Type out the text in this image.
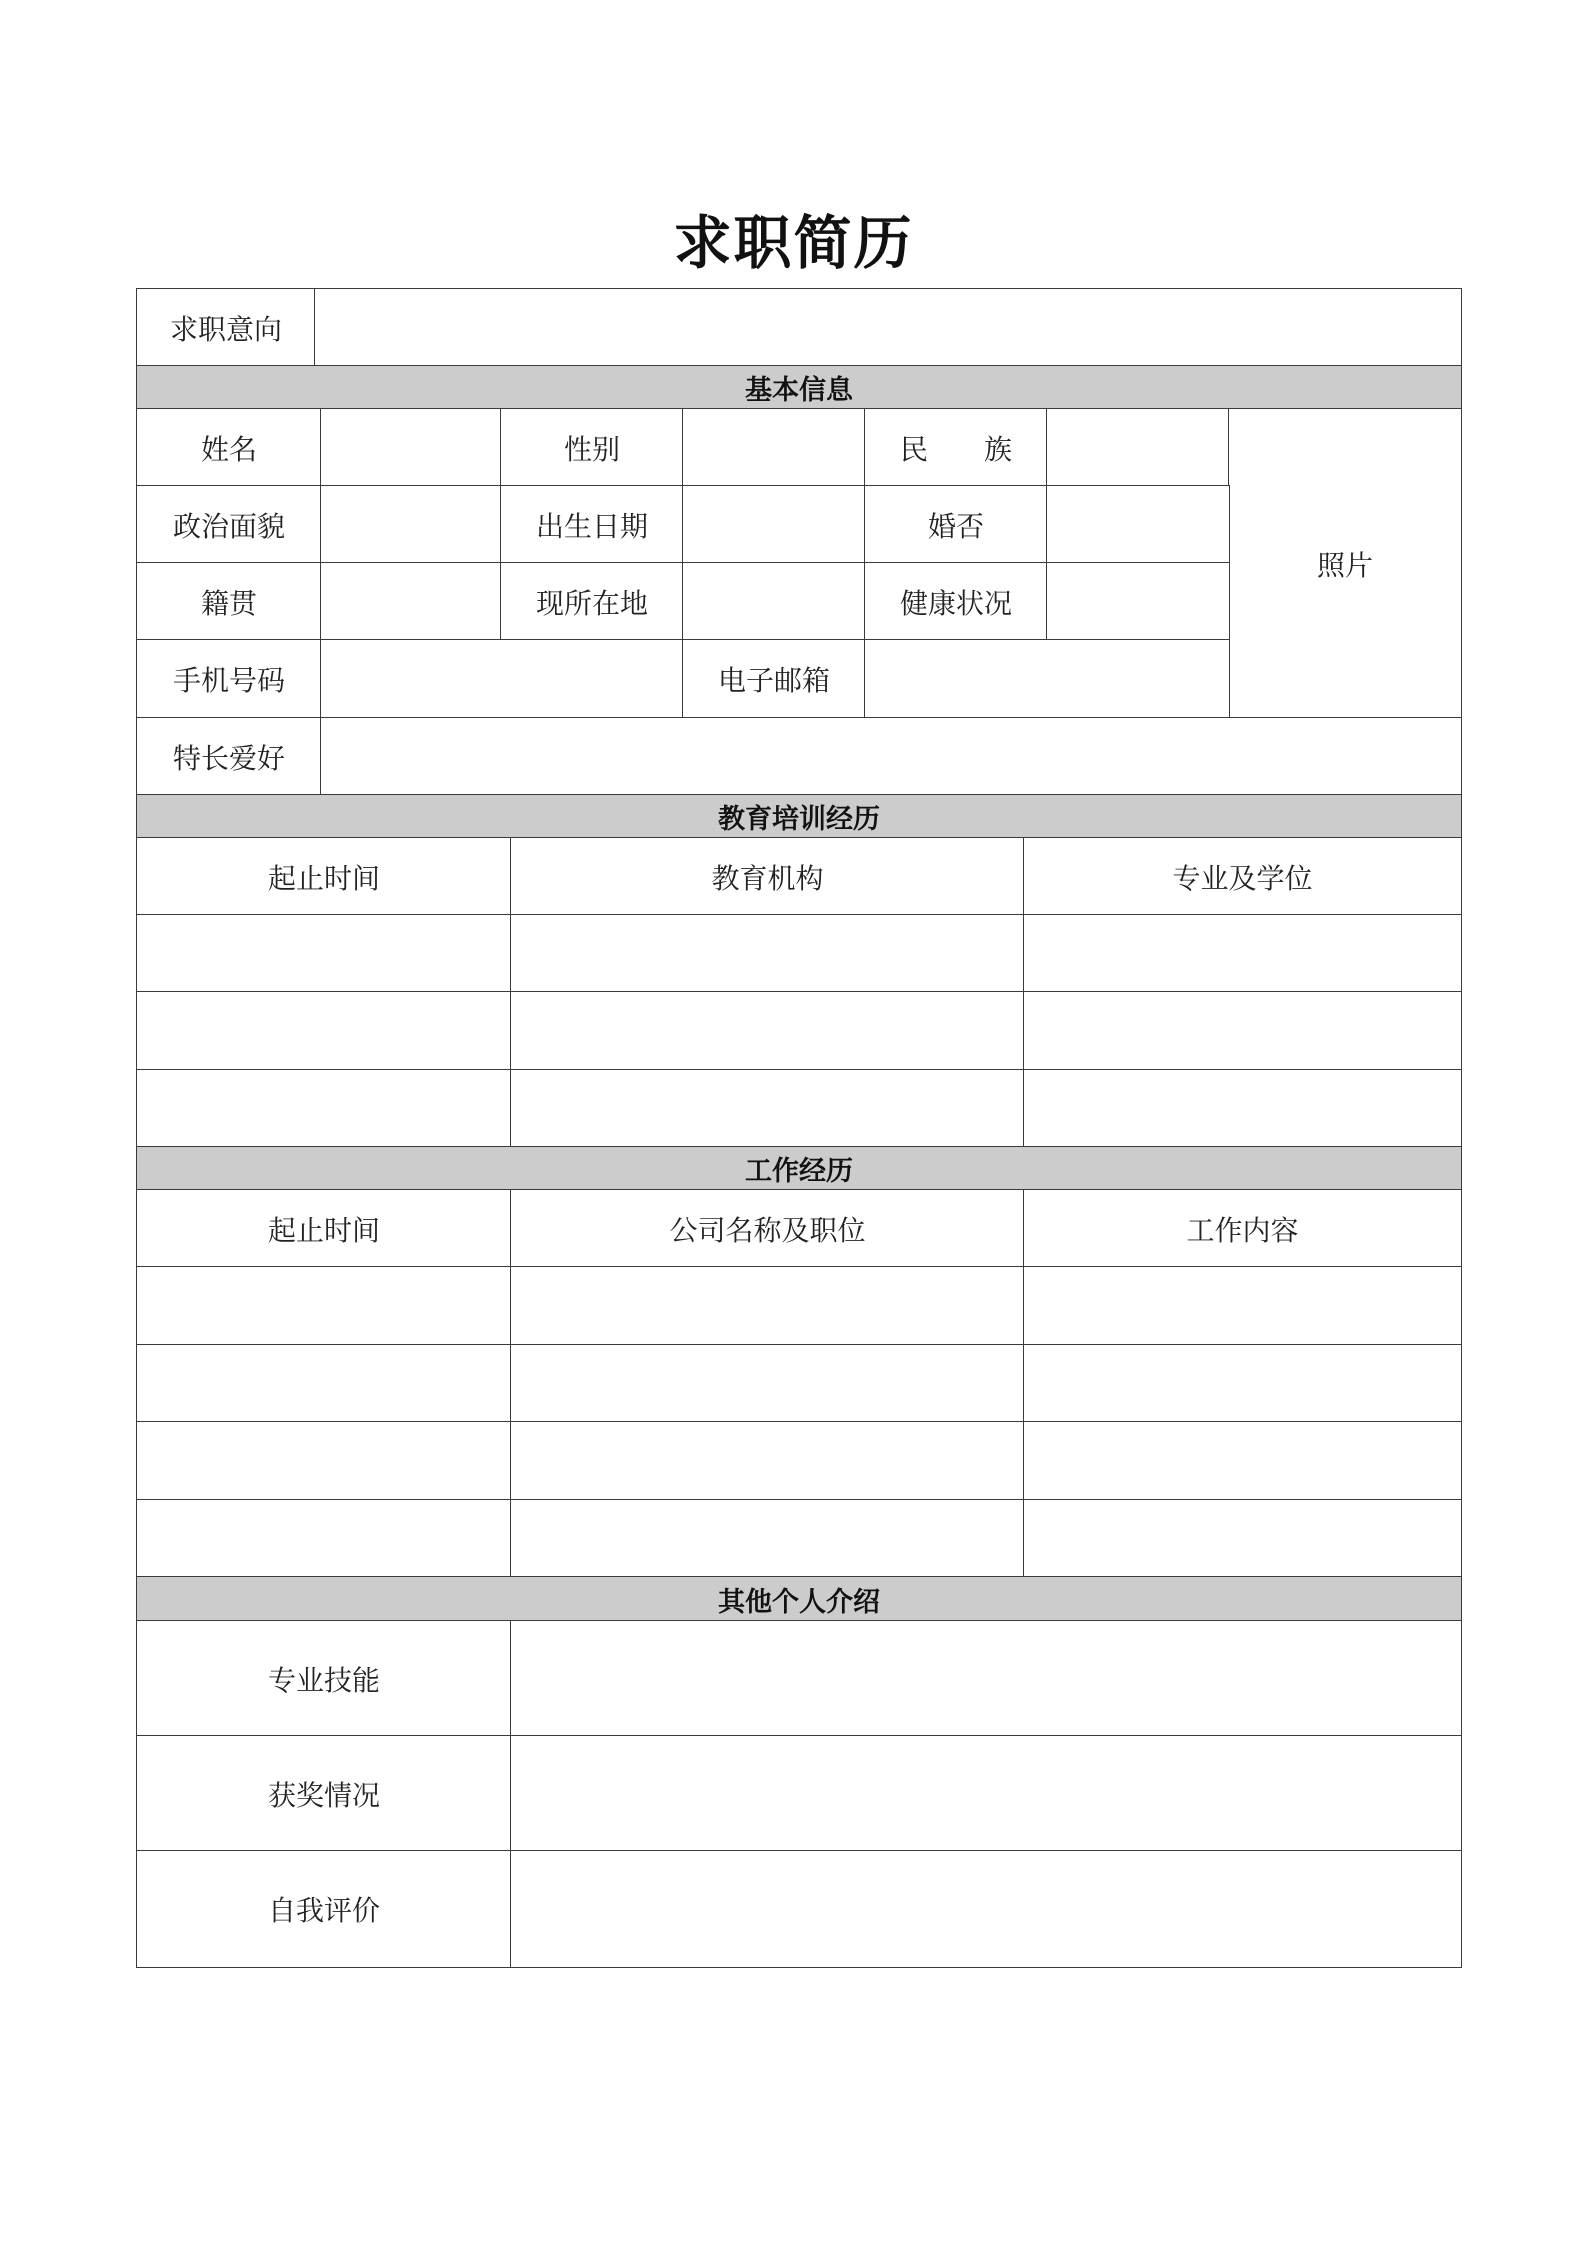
求职简历
求职意向
基本信息
姓名	性别	民 族
照片
政治面貌	出生日期	婚否
籍贯	现所在地	健康状况
手机号码	电子邮箱
特长爱好
教育培训经历
起止时间	教育机构	专业及学位
工作经历
起止时间	公司名称及职位	工作内容
其他个人介绍
专业技能
获奖情况
自我评价
